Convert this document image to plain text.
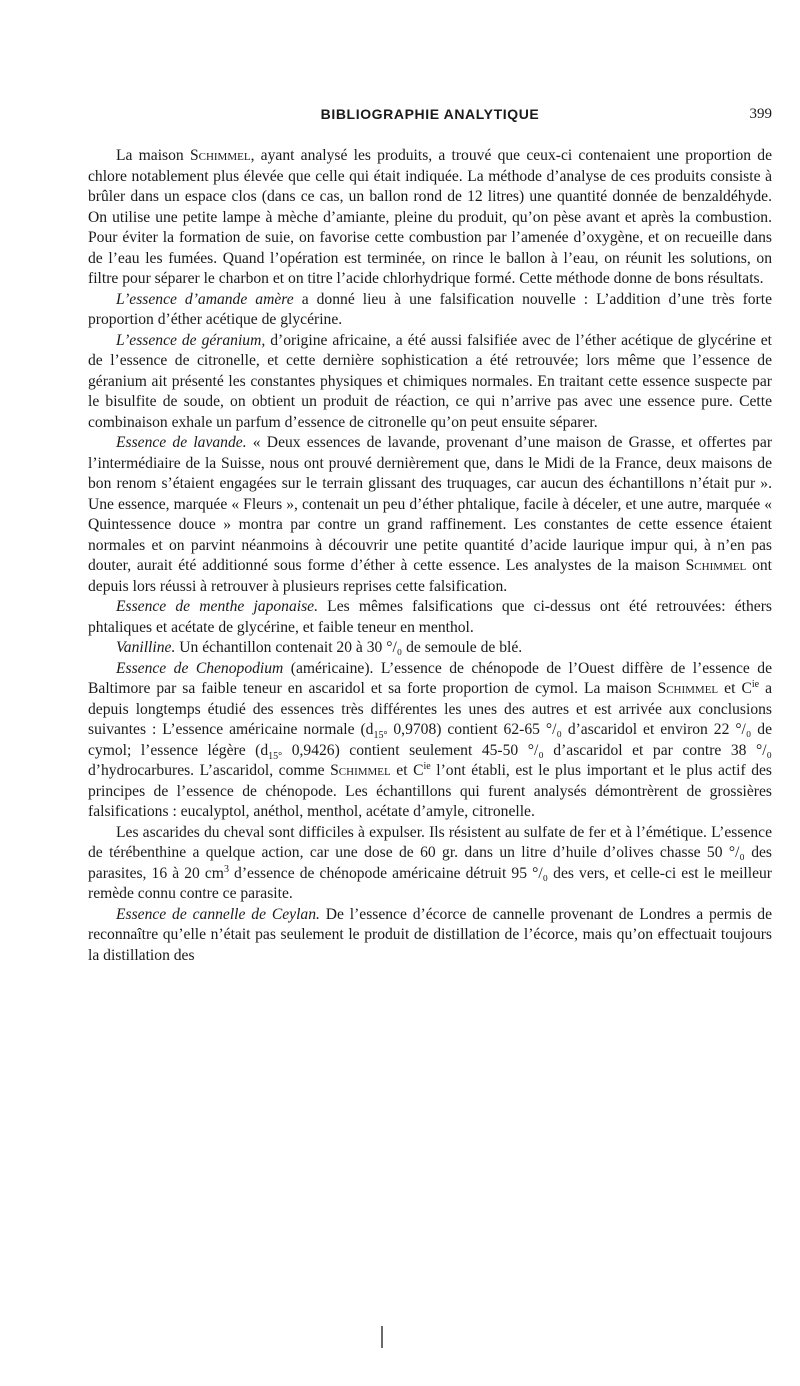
BIBLIOGRAPHIE ANALYTIQUE	399

La maison Schimmel, ayant analysé les produits, a trouvé que ceux-ci contenaient une proportion de chlore notablement plus élevée que celle qui était indiquée. La méthode d’analyse de ces produits consiste à brûler dans un espace clos (dans ce cas, un ballon rond de 12 litres) une quantité donnée de benzaldéhyde. On utilise une petite lampe à mèche d’amiante, pleine du produit, qu’on pèse avant et après la combustion. Pour éviter la formation de suie, on favorise cette combustion par l’amenée d’oxygène, et on recueille dans de l’eau les fumées. Quand l’opération est terminée, on rince le ballon à l’eau, on réunit les solutions, on filtre pour séparer le charbon et on titre l’acide chlorhydrique formé. Cette méthode donne de bons résultats.

L’essence d’amande amère a donné lieu à une falsification nouvelle : L’addition d’une très forte proportion d’éther acétique de glycérine.

L’essence de géranium, d’origine africaine, a été aussi falsifiée avec de l’éther acétique de glycérine et de l’essence de citronelle, et cette dernière sophistication a été retrouvée; lors même que l’essence de géranium ait présenté les constantes physiques et chimiques normales. En traitant cette essence suspecte par le bisulfite de soude, on obtient un produit de réaction, ce qui n’arrive pas avec une essence pure. Cette combinaison exhale un parfum d’essence de citronelle qu’on peut ensuite séparer.

Essence de lavande. « Deux essences de lavande, provenant d’une maison de Grasse, et offertes par l’intermédiaire de la Suisse, nous ont prouvé dernièrement que, dans le Midi de la France, deux maisons de bon renom s’étaient engagées sur le terrain glissant des truquages, car aucun des échantillons n’était pur ». Une essence, marquée « Fleurs », contenait un peu d’éther phtalique, facile à déceler, et une autre, marquée « Quintessence douce » montra par contre un grand raffinement. Les constantes de cette essence étaient normales et on parvint néanmoins à découvrir une petite quantité d’acide laurique impur qui, à n’en pas douter, aurait été additionné sous forme d’éther à cette essence. Les analystes de la maison Schimmel ont depuis lors réussi à retrouver à plusieurs reprises cette falsification.

Essence de menthe japonaise. Les mêmes falsifications que ci-dessus ont été retrouvées: éthers phtaliques et acétate de glycérine, et faible teneur en menthol.

Vanilline. Un échantillon contenait 20 à 30 °/₀ de semoule de blé.

Essence de Chenopodium (américaine). L’essence de chénopode de l’Ouest diffère de l’essence de Baltimore par sa faible teneur en ascaridol et sa forte proportion de cymol. La maison Schimmel et $C^{ie}$ a depuis longtemps étudié des essences très différentes les unes des autres et est arrivée aux conclusions suivantes : L’essence américaine normale ($d_{15^\circ}$ 0,9708) contient 62-65 °/₀ d’ascaridol et environ 22 °/₀ de cymol; l’essence légère ($d_{15^\circ}$ 0,9426) contient seulement 45-50 °/₀ d’ascaridol et par contre 38 °/₀ d’hydrocarbures. L’ascaridol, comme Schimmel et $C^{ie}$ l’ont établi, est le plus important et le plus actif des principes de l’essence de chénopode. Les échantillons qui furent analysés démontrèrent de grossières falsifications : eucalyptol, anéthol, menthol, acétate d’amyle, citronelle.

Les ascarides du cheval sont difficiles à expulser. Ils résistent au sulfate de fer et à l’émétique. L’essence de térébenthine a quelque action, car une dose de 60 gr. dans un litre d’huile d’olives chasse 50 °/₀ des parasites, 16 à 20 $cm^3$ d’essence de chénopode américaine détruit 95 °/₀ des vers, et celle-ci est le meilleur remède connu contre ce parasite.

Essence de cannelle de Ceylan. De l’essence d’écorce de cannelle provenant de Londres a permis de reconnaître qu’elle n’était pas seulement le produit de distillation de l’écorce, mais qu’on effectuait toujours la distillation des
